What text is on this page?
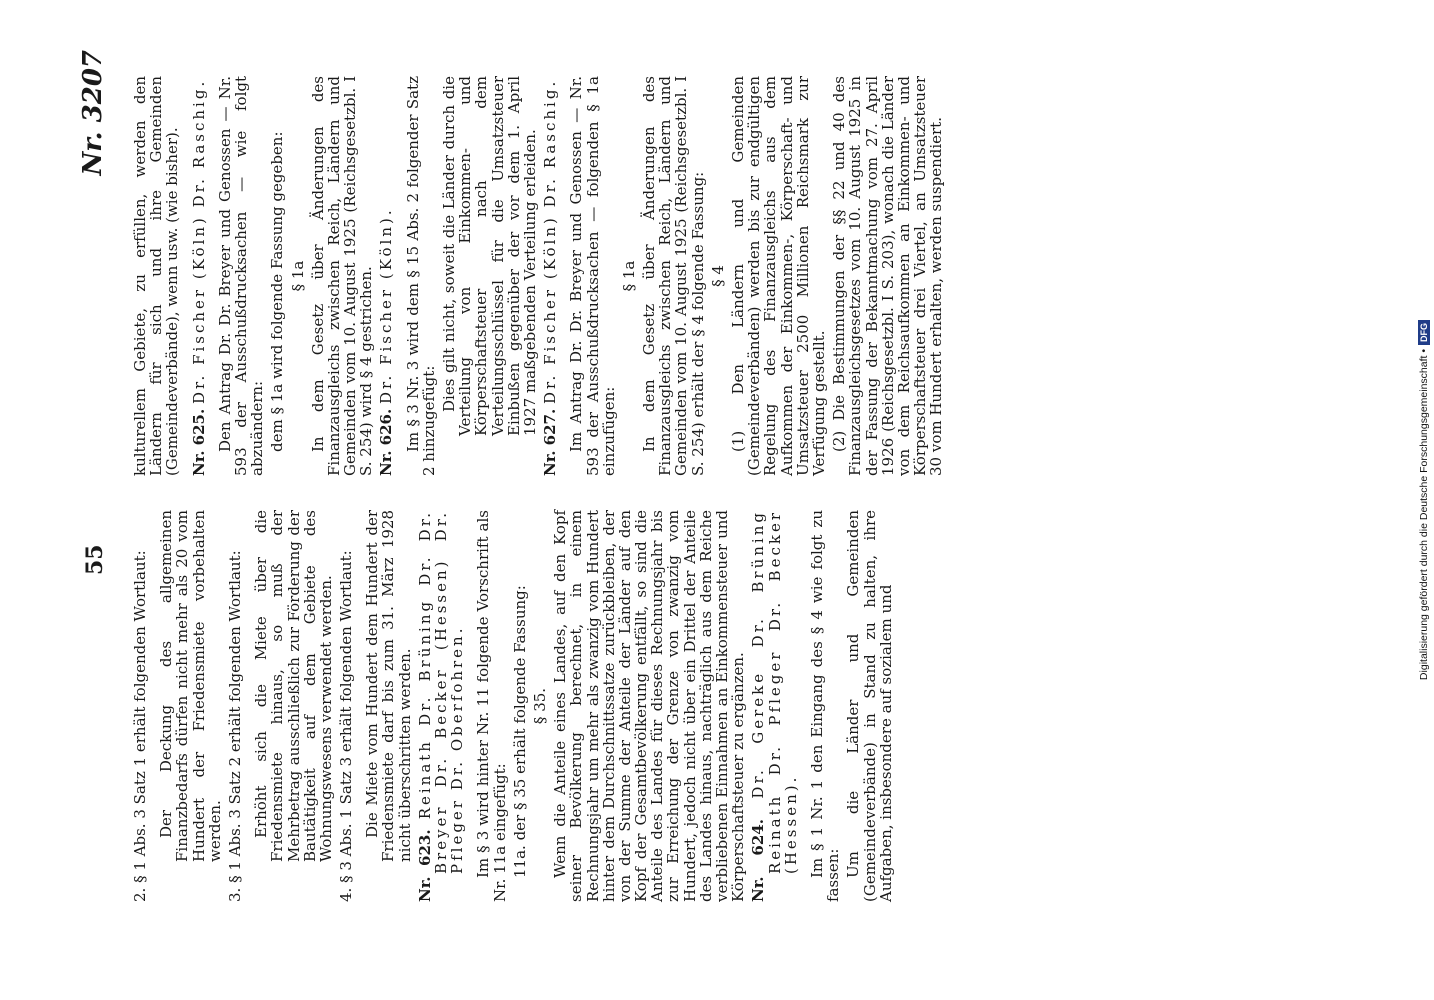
55
Nr. 3207
2. § 1 Abs. 3 Satz 1 erhält folgenden Wortlaut: Der Deckung des allgemeinen Finanzbedarfs dürfen nicht mehr als 20 vom Hundert der Friedensmiete vorbehalten werden.
3. § 1 Abs. 3 Satz 2 erhält folgenden Wortlaut: Erhöht sich die Miete über die Friedensmiete hinaus, so muß der Mehrbetrag ausschließlich zur Förderung der Bautätigkeit auf dem Gebiete des Wohnungswesens verwendet werden.
4. § 3 Abs. 1 Satz 3 erhält folgenden Wortlaut: Die Miete vom Hundert dem Hundert der Friedensmiete darf bis zum 31. März 1928 nicht überschritten werden.
Nr. 623. Reinath Dr. Brüning Dr. Dr. Breyer Dr. Becker (Hessen) Dr. Pfleger Dr. Oberfohren. Im § 3 wird hinter Nr. 11 folgende Vorschrift als Nr. 11a eingefügt: 11a. der § 35 erhält folgende Fassung: § 35. Wenn die Anteile eines Landes, auf den Kopf seiner Bevölkerung berechnet, in einem Rechnungsjahr um mehr als zwanzig vom Hundert hinter dem Durchschnittssatze zurückbleiben, der von der Summe der Anteile der Länder auf den Kopf der Gesamtbevölkerung entfällt, so sind die Anteile des Landes für dieses Rechnungsjahr bis zur Erreichung der Grenze von zwanzig vom Hundert, jedoch nicht über ein Drittel der Anteile des Landes hinaus, nachträglich aus dem Reiche verbliebenen Einnahmen an Einkommensteuer und Körperschaftsteuer zu ergänzen. Nr. 624. Dr. Gereke Dr. Brüning Reinath Dr. Pfleger Dr. Becker (Hessen). Im § 1 Nr. 1 den Eingang des § 4 wie folgt zu fassen: Um die Länder und Gemeinden (Gemeindeverbände) in Stand zu halten, ihre Aufgaben, insbesondere auf sozialem und
kulturellem Gebiete, zu erfüllen, werden den Ländern für sich und ihre Gemeinden (Gemeindeverbände), wenn usw. (wie bisher). Nr. 625. Dr. Fischer (Köln) Dr. Raschig. Den Antrag Dr. Dr. Breyer und Genossen — Nr. 593 der Ausschußdrucksachen — wie folgt abzuändern: dem § 1a wird folgende Fassung gegeben: § 1a In dem Gesetz über Änderungen des Finanzausgleichs zwischen Reich, Ländern und Gemeinden vom 10. August 1925 (Reichsgesetzbl. I S. 254) wird § 4 gestrichen. Nr. 626. Dr. Fischer (Köln). Im § 3 Nr. 3 wird dem § 15 Abs. 2 folgender Satz 2 hinzugefügt:
Dies gilt nicht, soweit die Länder durch die Verteilung von Einkommen- und Körperschaftsteuer nach dem Verteilungsschlüssel für die Umsatzsteuer Einbußen gegenüber der vor dem 1. April 1927 maßgebenden Verteilung erleiden.
Nr. 627. Dr. Fischer (Köln) Dr. Raschig. Im Antrag Dr. Dr. Breyer und Genossen — Nr. 593 der Ausschußdrucksachen — folgenden § 1a einzufügen:
§ 1a In dem Gesetz über Änderungen des Finanzausgleichs zwischen Reich, Ländern und Gemeinden vom 10. August 1925 (Reichsgesetzbl. I S. 254) erhält der § 4 folgende Fassung: § 4 (1) Den Ländern und Gemeinden (Gemeindeverbänden) werden bis zur endgültigen Regelung des Finanzausgleichs aus dem Aufkommen der Einkommen-, Körperschaft- und Umsatzsteuer 2500 Millionen Reichsmark zur Verfügung gestellt. (2) Die Bestimmungen der §§ 22 und 40 des Finanzausgleichsgesetzes vom 10. August 1925 in der Fassung der Bekanntmachung vom 27. April 1926 (Reichsgesetzbl. I S. 203), wonach die Länder von dem Reichsaufkommen an Einkommen- und Körperschaftsteuer drei Viertel, an Umsatzsteuer 30 vom Hundert erhalten, werden suspendiert.
Digitalisierung gefördert durch die Deutsche Forschungsgemeinschaft •
DFG
